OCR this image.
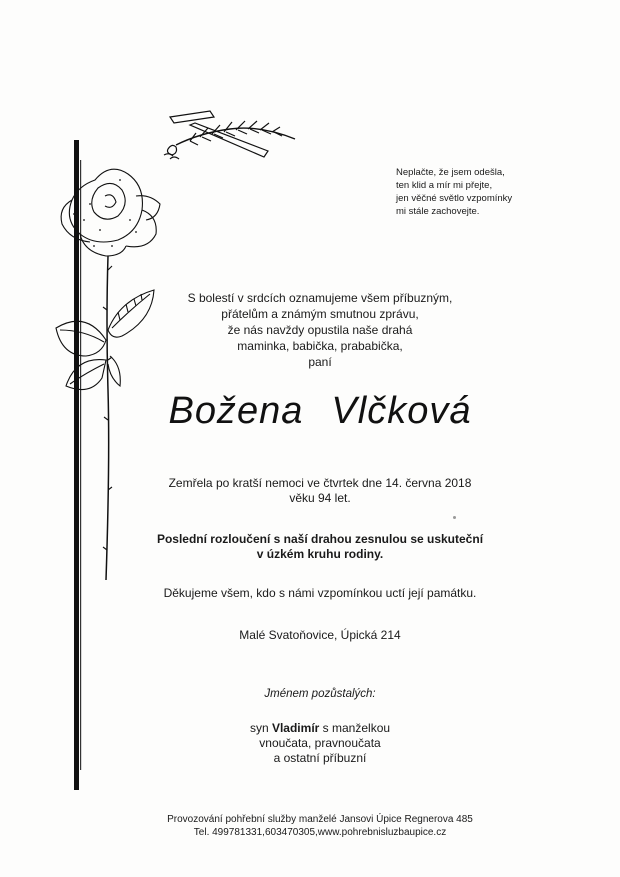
Neplačte, že jsem odešla,
ten klid a mír mi přejte,
jen věčné světlo vzpomínky
mi stále zachovejte.
S bolestí v srdcích oznamujeme všem příbuzným,
přátelům a známým smutnou zprávu,
že nás navždy opustila naše drahá
maminka, babička, prababička,
paní
Božena Vlčková
Zemřela po kratší nemoci ve čtvrtek dne 14. června 2018
věku 94 let.
Poslední rozloučení s naší drahou zesnulou se uskuteční
v úzkém kruhu rodiny.
Děkujeme všem, kdo s námi vzpomínkou uctí její památku.
Malé Svatoňovice, Úpická 214
Jménem pozůstalých:
syn Vladimír s manželkou
vnoučata, pravnoučata
a ostatní příbuzní
Provozování pohřební služby manželé Jansovi Úpice Regnerova 485
Tel. 499781331,603470305,www.pohrebnisluzbaupice.cz
